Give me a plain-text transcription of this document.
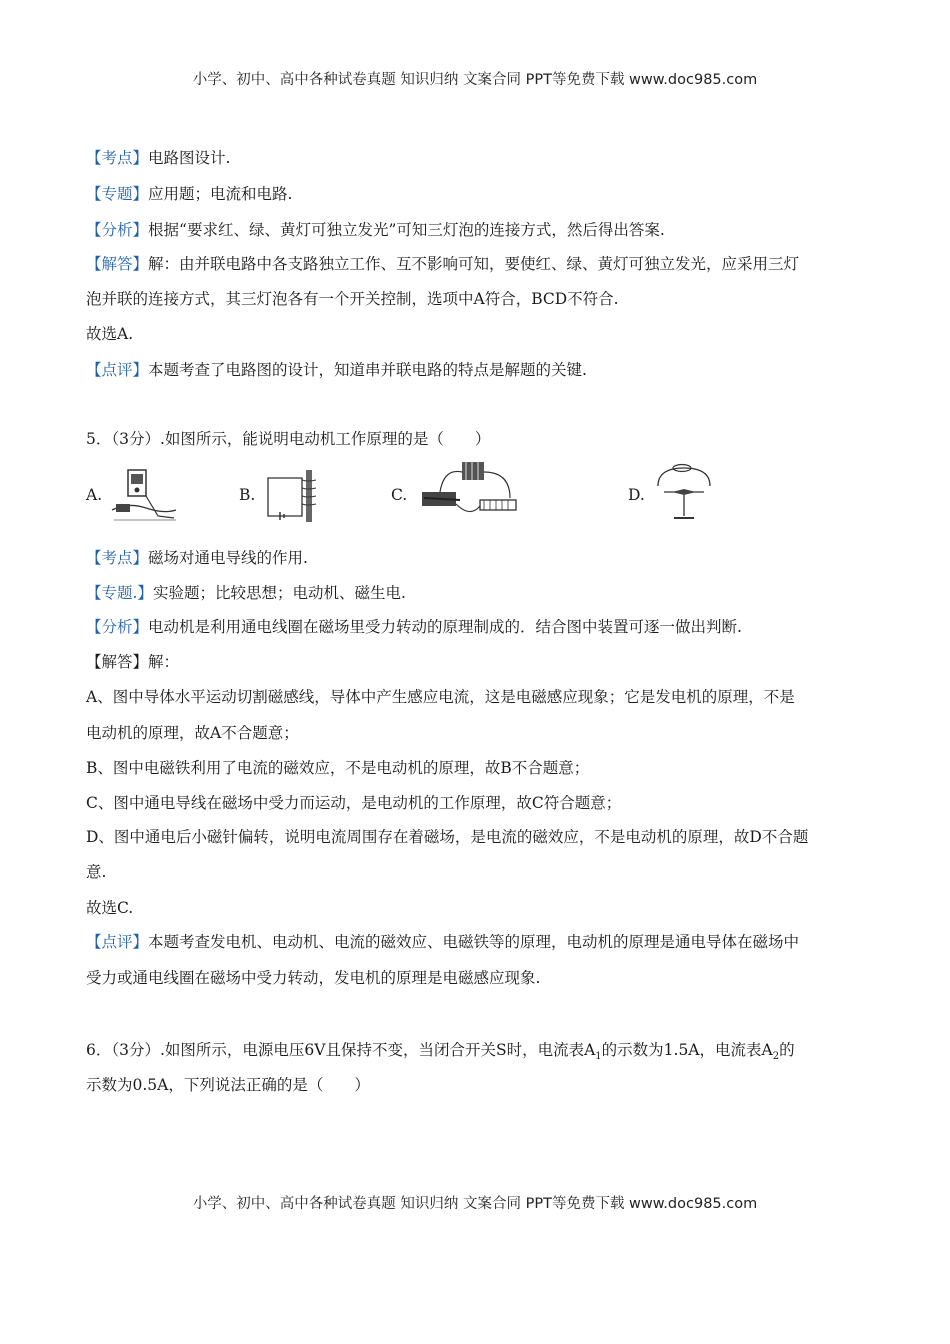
小学、初中、高中各种试卷真题 知识归纳 文案合同 PPT等免费下载 www.doc985.com
【考点】电路图设计.
【专题】应用题；电流和电路.
【分析】根据“要求红、绿、黄灯可独立发光”可知三灯泡的连接方式，然后得出答案.
【解答】解：由并联电路中各支路独立工作、互不影响可知，要使红、绿、黄灯可独立发光，应采用三灯
泡并联的连接方式，其三灯泡各有一个开关控制，选项中A符合，BCD不符合.
故选A.
【点评】本题考查了电路图的设计，知道串并联电路的特点是解题的关键.
5．（3分）.如图所示，能说明电动机工作原理的是（　　）
A.	B.	C.	D.
【考点】磁场对通电导线的作用.
【专题.】实验题；比较思想；电动机、磁生电.
【分析】电动机是利用通电线圈在磁场里受力转动的原理制成的．结合图中装置可逐一做出判断.
【解答】解：
A、图中导体水平运动切割磁感线，导体中产生感应电流，这是电磁感应现象；它是发电机的原理，不是
电动机的原理，故A不合题意；
B、图中电磁铁利用了电流的磁效应，不是电动机的原理，故B不合题意；
C、图中通电导线在磁场中受力而运动，是电动机的工作原理，故C符合题意；
D、图中通电后小磁针偏转，说明电流周围存在着磁场，是电流的磁效应，不是电动机的原理，故D不合题
意.
故选C.
【点评】本题考查发电机、电动机、电流的磁效应、电磁铁等的原理，电动机的原理是通电导体在磁场中
受力或通电线圈在磁场中受力转动，发电机的原理是电磁感应现象.
6．（3分）.如图所示，电源电压6V且保持不变，当闭合开关S时，电流表$A_1$的示数为1.5A，电流表$A_2$的
示数为0.5A，下列说法正确的是（　　）
小学、初中、高中各种试卷真题 知识归纳 文案合同 PPT等免费下载 www.doc985.com
